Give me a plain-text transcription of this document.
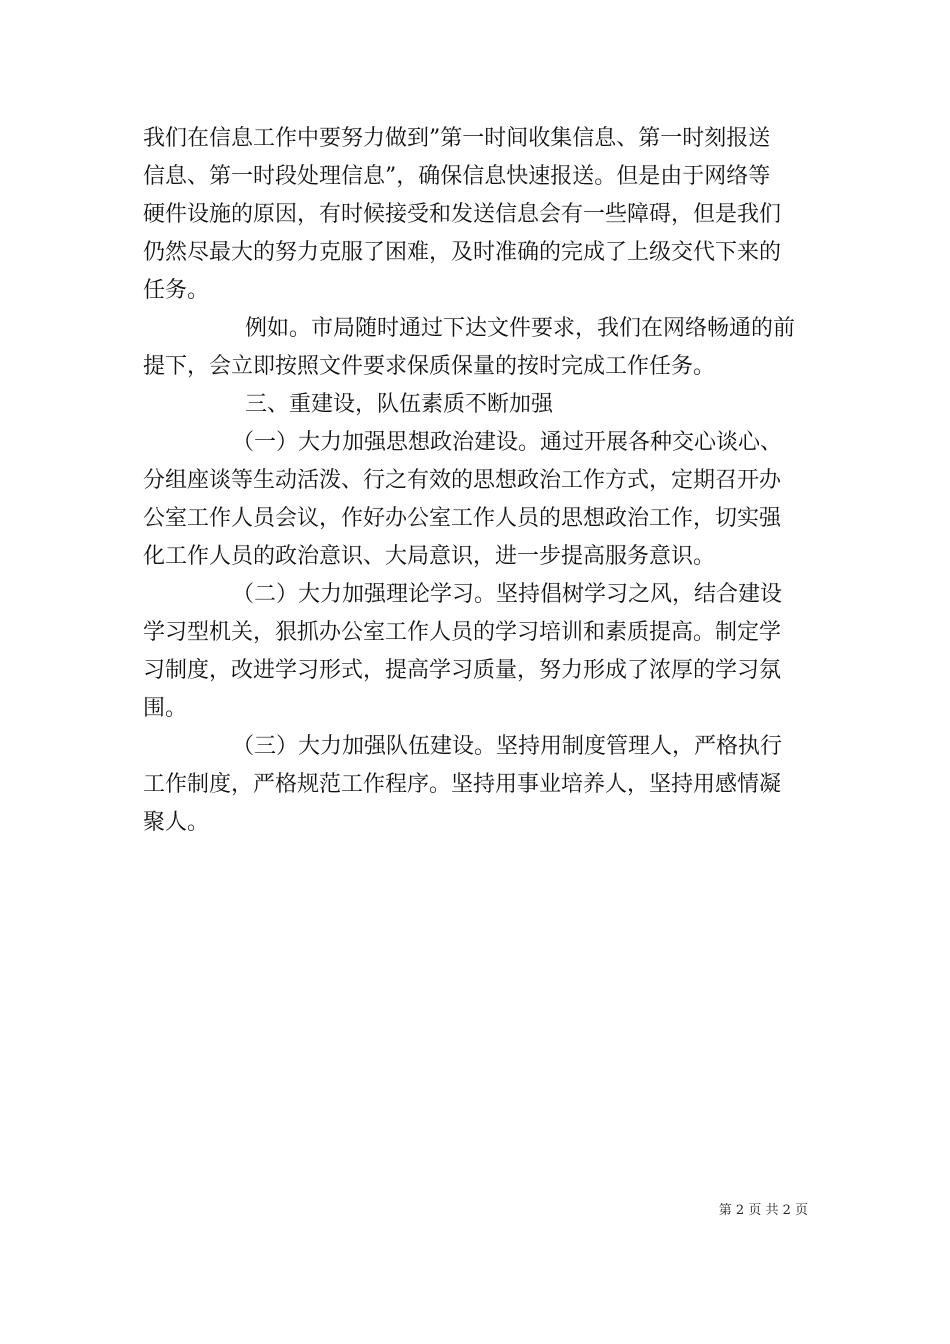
我们在信息工作中要努力做到”第一时间收集信息、第一时刻报送
信息、第一时段处理信息”，确保信息快速报送。但是由于网络等
硬件设施的原因，有时候接受和发送信息会有一些障碍，但是我们
仍然尽最大的努力克服了困难，及时准确的完成了上级交代下来的
任务。
例如。市局随时通过下达文件要求，我们在网络畅通的前
提下，会立即按照文件要求保质保量的按时完成工作任务。
三、重建设，队伍素质不断加强
（一）大力加强思想政治建设。通过开展各种交心谈心、
分组座谈等生动活泼、行之有效的思想政治工作方式，定期召开办
公室工作人员会议，作好办公室工作人员的思想政治工作，切实强
化工作人员的政治意识、大局意识，进一步提高服务意识。
（二）大力加强理论学习。坚持倡树学习之风，结合建设
学习型机关，狠抓办公室工作人员的学习培训和素质提高。制定学
习制度，改进学习形式，提高学习质量，努力形成了浓厚的学习氛
围。
（三）大力加强队伍建设。坚持用制度管理人，严格执行
工作制度，严格规范工作程序。坚持用事业培养人，坚持用感情凝
聚人。
第 2 页 共 2 页
